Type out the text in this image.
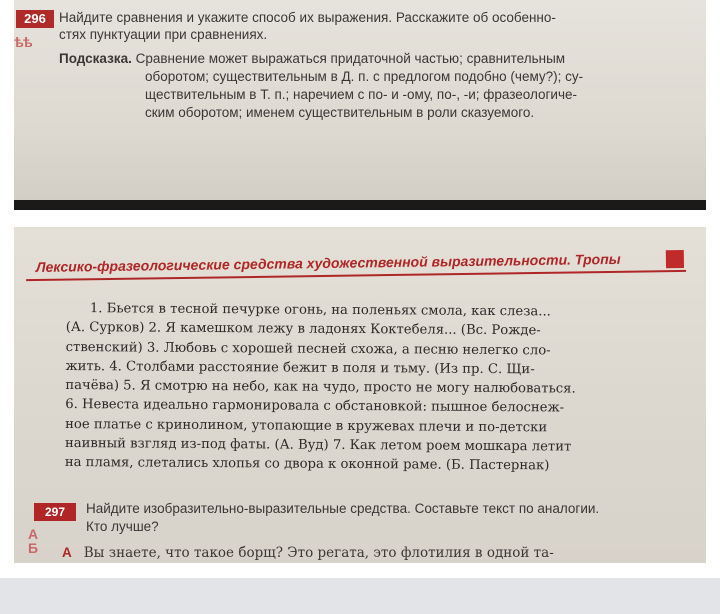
296
ѣѣ
Найдите сравнения и укажите способ их выражения. Расскажите об особенно-
стях пунктуации при сравнениях.
Подсказка. Сравнение может выражаться придаточной частью; сравнительным
оборотом; существительным в Д. п. с предлогом подобно (чему?); су-
ществительным в Т. п.; наречием с по- и -ому, по-, -и; фразеологиче-
ским оборотом; именем существительным в роли сказуемого.
Лексико-фразеологические средства художественной выразительности. Тропы

1. Бьется в тесной печурке огонь, на поленьях смола, как слеза...

(А. Сурков) 2. Я камешком лежу в ладонях Коктебеля... (Вс. Рожде-

ственский) 3. Любовь с хорошей песней схожа, а песню нелегко сло-

жить. 4. Столбами расстояние бежит в поля и тьму. (Из пр. С. Щи-

пачёва) 5. Я смотрю на небо, как на чудо, просто не могу налюбоваться.

6. Невеста идеально гармонировала с обстановкой: пышное белоснеж-

ное платье с кринолином, утопающие в кружевах плечи и по-детски

наивный взгляд из-под фаты. (А. Вуд) 7. Как летом роем мошкара летит

на пламя, слетались хлопья со двора к оконной раме. (Б. Пастернак)

297	Найдите изобразительно-выразительные средства. Составьте текст по аналогии.
Кто лучше?
А
Б А Вы знаете, что такое борщ? Это регата, это флотилия в одной та-
